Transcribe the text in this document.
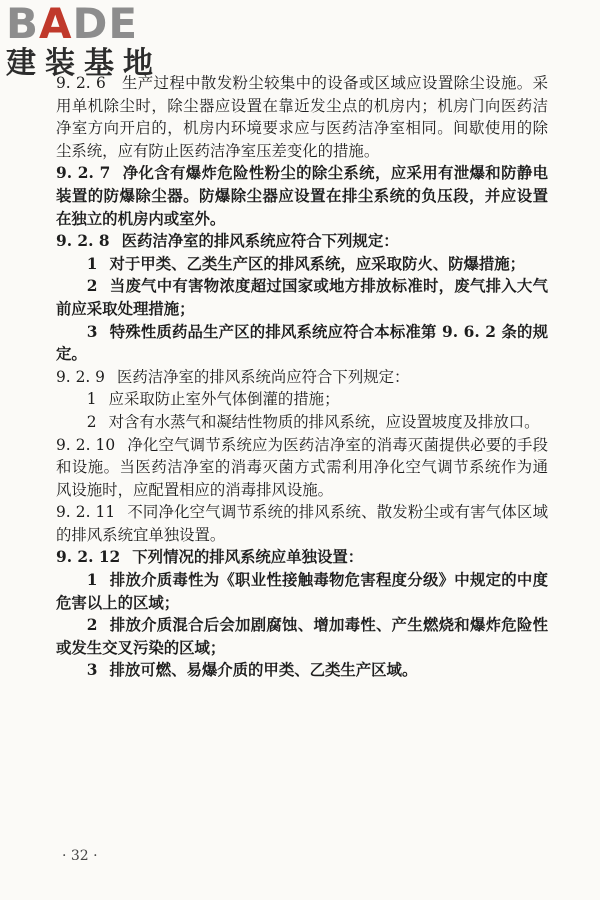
BADE
建装基地

9. 2. 6　生产过程中散发粉尘较集中的设备或区域应设置除尘设施。采用单机除尘时，除尘器应设置在靠近发尘点的机房内；机房门向医药洁净室方向开启的，机房内环境要求应与医药洁净室相同。间歇使用的除尘系统，应有防止医药洁净室压差变化的措施。

9. 2. 7 净化含有爆炸危险性粉尘的除尘系统，应采用有泄爆和防静电装置的防爆除尘器。防爆除尘器应设置在排尘系统的负压段，并应设置在独立的机房内或室外。

9. 2. 8 医药洁净室的排风系统应符合下列规定：

1 对于甲类、乙类生产区的排风系统，应采取防火、防爆措施；

2 当废气中有害物浓度超过国家或地方排放标准时，废气排入大气前应采取处理措施；

3 特殊性质药品生产区的排风系统应符合本标准第 9. 6. 2 条的规定。

9. 2. 9 医药洁净室的排风系统尚应符合下列规定：

1 应采取防止室外气体倒灌的措施；

2 对含有水蒸气和凝结性物质的排风系统，应设置坡度及排放口。

9. 2. 10 净化空气调节系统应为医药洁净室的消毒灭菌提供必要的手段和设施。当医药洁净室的消毒灭菌方式需利用净化空气调节系统作为通风设施时，应配置相应的消毒排风设施。

9. 2. 11 不同净化空气调节系统的排风系统、散发粉尘或有害气体区域的排风系统宜单独设置。

9. 2. 12 下列情况的排风系统应单独设置：

1 排放介质毒性为《职业性接触毒物危害程度分级》中规定的中度危害以上的区域；

2 排放介质混合后会加剧腐蚀、增加毒性、产生燃烧和爆炸危险性或发生交叉污染的区域；

3 排放可燃、易爆介质的甲类、乙类生产区域。

· 32 ·
